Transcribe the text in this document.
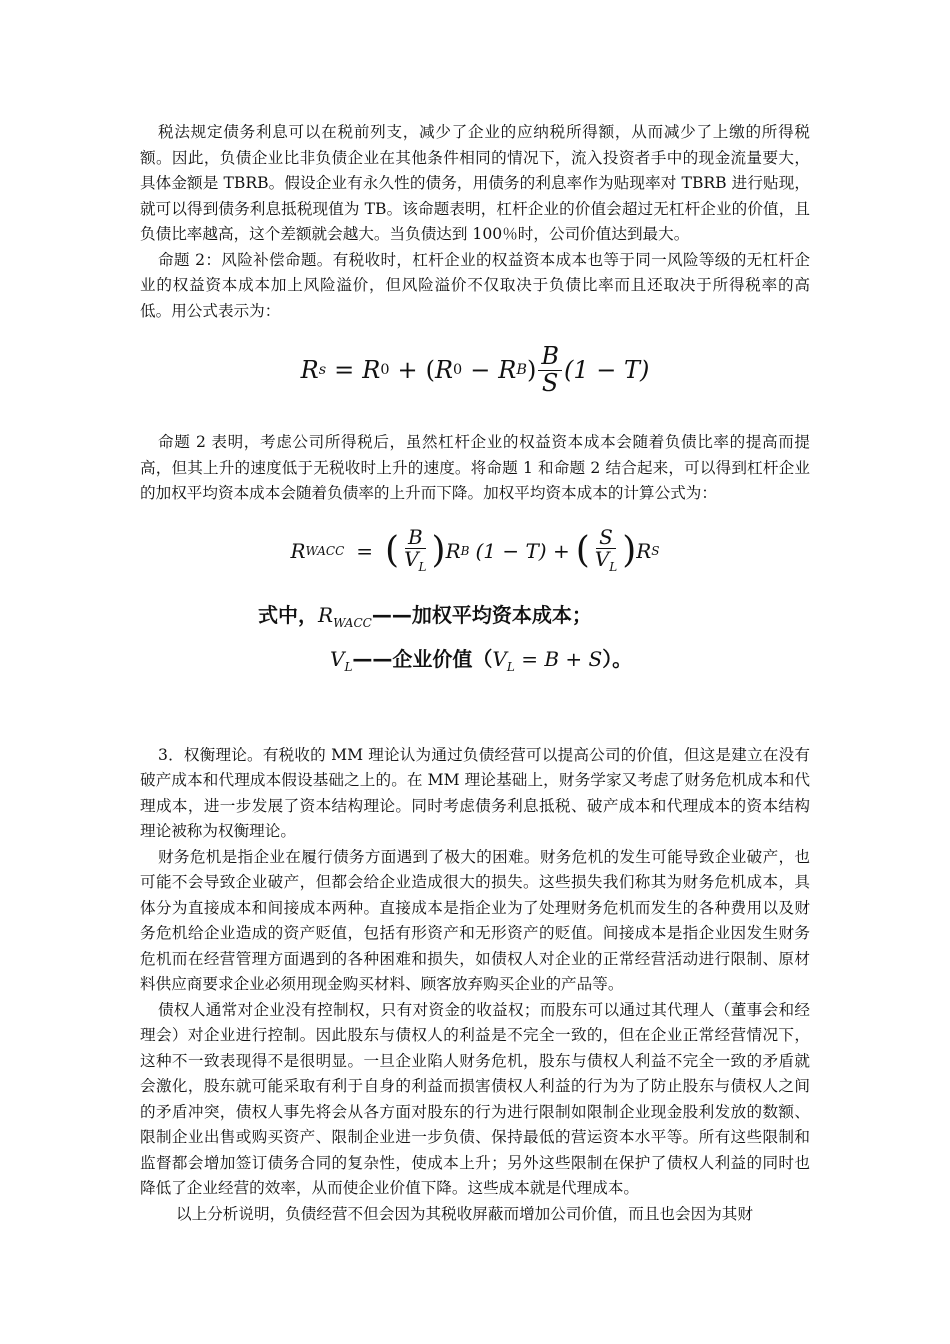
税法规定债务利息可以在税前列支，减少了企业的应纳税所得额，从而减少了上缴的所得税额。因此，负债企业比非负债企业在其他条件相同的情况下，流入投资者手中的现金流量要大，具体金额是 TBRB。假设企业有永久性的债务，用债务的利息率作为贴现率对 TBRB 进行贴现，就可以得到债务利息抵税现值为 TB。该命题表明，杠杆企业的价值会超过无杠杆企业的价值，且负债比率越高，这个差额就会越大。当负债达到 100％时，公司价值达到最大。

命题 2：风险补偿命题。有税收时，杠杆企业的权益资本成本也等于同一风险等级的无杠杆企业的权益资本成本加上风险溢价，但风险溢价不仅取决于负债比率而且还取决于所得税率的高低。用公式表示为：

R s = R 0 + ( R 0 − R B ) $\frac{B}{S} (1 - T)$

命题 2 表明，考虑公司所得税后，虽然杠杆企业的权益资本成本会随着负债比率的提高而提高，但其上升的速度低于无税收时上升的速度。将命题 1 和命题 2 结合起来，可以得到杠杆企业的加权平均资本成本会随着负债率的上升而下降。加权平均资本成本的计算公式为：

R WACC = ( $\frac{B}{V_L}$ ) R B (1 − T) + ( $\frac{S}{V_L}$ ) R S
式中，$R_{WACC}——$加权平均资本成本；
$V_L——$企业价值$(V_L = B + S)$。

3．权衡理论。有税收的 MM 理论认为通过负债经营可以提高公司的价值，但这是建立在没有破产成本和代理成本假设基础之上的。在 MM 理论基础上，财务学家又考虑了财务危机成本和代理成本，进一步发展了资本结构理论。同时考虑债务利息抵税、破产成本和代理成本的资本结构理论被称为权衡理论。

财务危机是指企业在履行债务方面遇到了极大的困难。财务危机的发生可能导致企业破产，也可能不会导致企业破产，但都会给企业造成很大的损失。这些损失我们称其为财务危机成本，具体分为直接成本和间接成本两种。直接成本是指企业为了处理财务危机而发生的各种费用以及财务危机给企业造成的资产贬值，包括有形资产和无形资产的贬值。间接成本是指企业因发生财务危机而在经营管理方面遇到的各种困难和损失，如债权人对企业的正常经营活动进行限制、原材料供应商要求企业必须用现金购买材料、顾客放弃购买企业的产品等。

债权人通常对企业没有控制权，只有对资金的收益权；而股东可以通过其代理人（董事会和经理会）对企业进行控制。因此股东与债权人的利益是不完全一致的，但在企业正常经营情况下，这种不一致表现得不是很明显。一旦企业陷人财务危机，股东与债权人利益不完全一致的矛盾就会激化，股东就可能采取有利于自身的利益而损害债权人利益的行为为了防止股东与债权人之间的矛盾冲突，债权人事先将会从各方面对股东的行为进行限制如限制企业现金股利发放的数额、限制企业出售或购买资产、限制企业进一步负债、保持最低的营运资本水平等。所有这些限制和监督都会增加签订债务合同的复杂性，使成本上升；另外这些限制在保护了债权人利益的同时也降低了企业经营的效率，从而使企业价值下降。这些成本就是代理成本。

以上分析说明，负债经营不但会因为其税收屏蔽而增加公司价值，而且也会因为其财
